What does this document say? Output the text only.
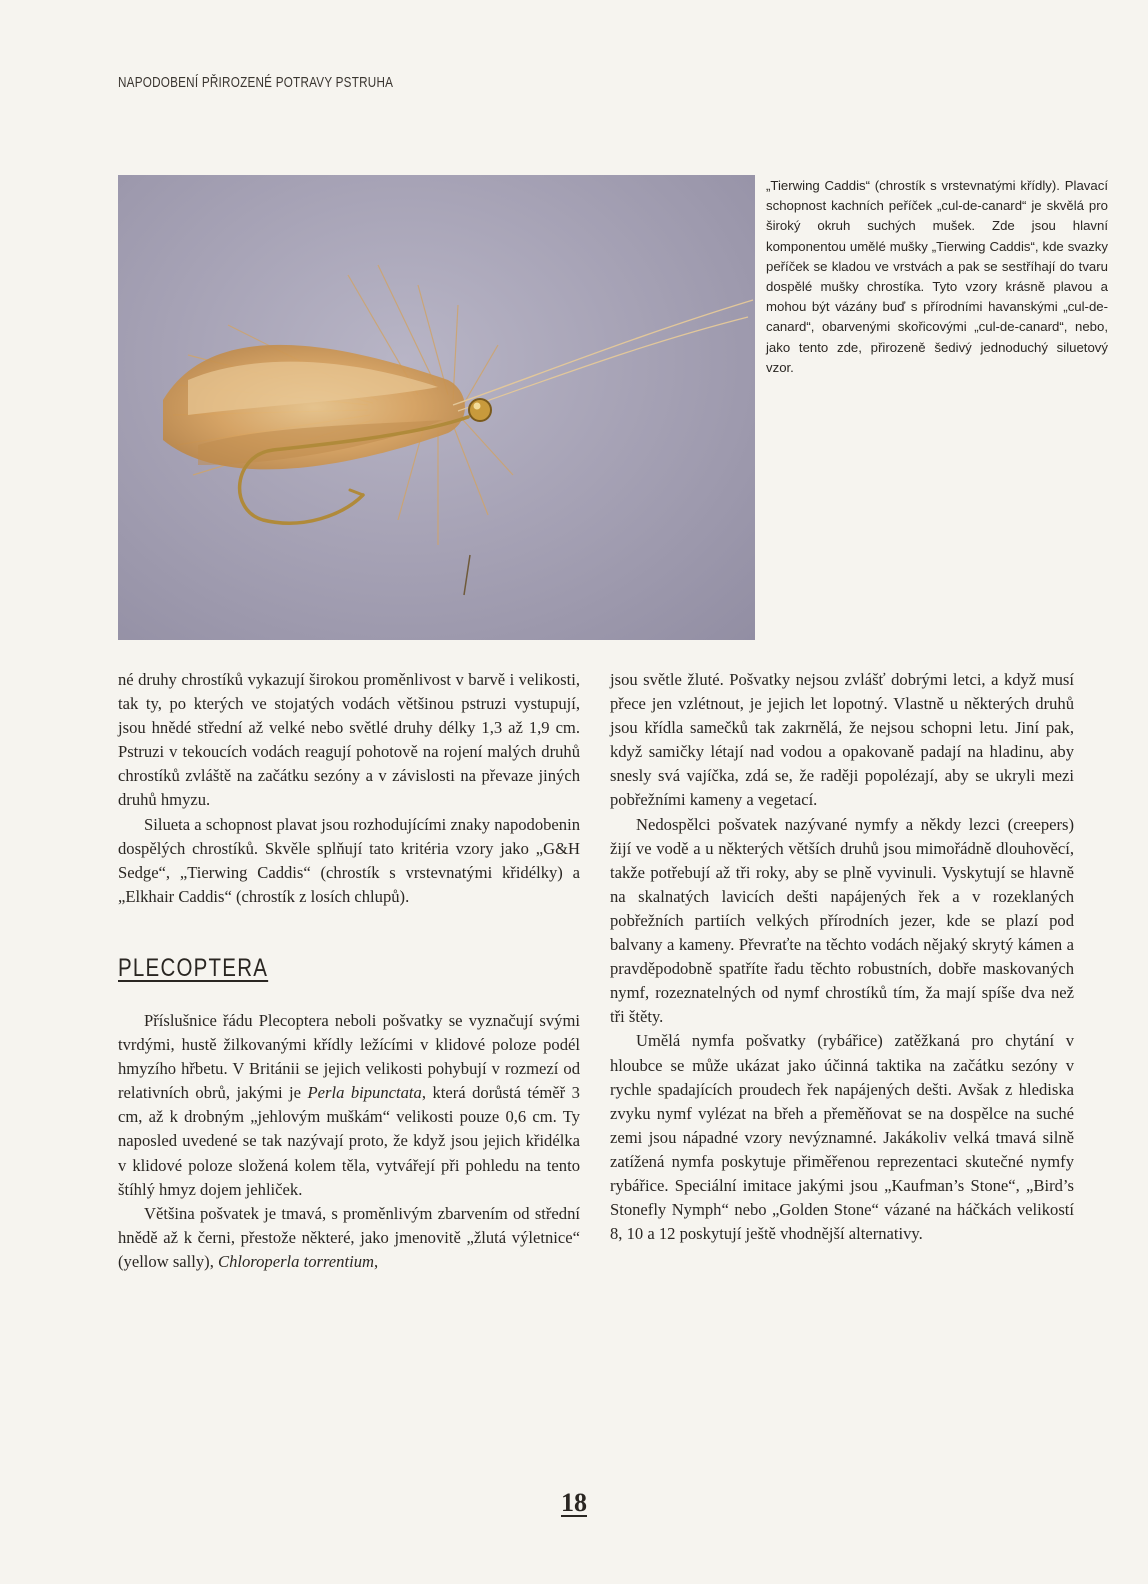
NAPODOBENÍ PŘIROZENÉ POTRAVY PSTRUHA
„Tierwing Caddis“ (chrostík s vrstevnatými křídly). Plavací schopnost kachních peříček „cul-de-canard“ je skvělá pro široký okruh suchých mušek. Zde jsou hlavní komponentou umělé mušky „Tierwing Caddis“, kde svazky peříček se kladou ve vrstvách a pak se sestříhají do tvaru dospělé mušky chrostíka. Tyto vzory krásně plavou a mohou být vázány buď s přírodními havanskými „cul-de-canard“, obarvenými skořicovými „cul-de-canard“, nebo, jako tento zde, přirozeně šedivý jednoduchý siluetový vzor.

né druhy chrostíků vykazují širokou proměnlivost v barvě i velikosti, tak ty, po kterých ve stojatých vodách většinou pstruzi vystupují, jsou hnědé střední až velké nebo světlé druhy délky 1,3 až 1,9 cm. Pstruzi v tekoucích vodách reagují pohotově na rojení malých druhů chrostíků zvláště na začátku sezóny a v závislosti na převaze jiných druhů hmyzu.

Silueta a schopnost plavat jsou rozhodujícími znaky napodobenin dospělých chrostíků. Skvěle splňují tato kritéria vzory jako „G&H Sedge“, „Tierwing Caddis“ (chrostík s vrstevnatými křidélky) a „Elkhair Caddis“ (chrostík z losích chlupů).

PLECOPTERA

Příslušnice řádu Plecoptera neboli pošvatky se vyznačují svými tvrdými, hustě žilkovanými křídly ležícími v klidové poloze podél hmyzího hřbetu. V Británii se jejich velikosti pohybují v rozmezí od relativních obrů, jakými je Perla bipunctata, která dorůstá téměř 3 cm, až k drobným „jehlovým muškám“ velikosti pouze 0,6 cm. Ty naposled uvedené se tak nazývají proto, že když jsou jejich křidélka v klidové poloze složená kolem těla, vytvářejí při pohledu na tento štíhlý hmyz dojem jehliček.

Většina pošvatek je tmavá, s proměnlivým zbarvením od střední hnědě až k černi, přestože některé, jako jmenovitě „žlutá výletnice“ (yellow sally), Chloroperla torrentium,

jsou světle žluté. Pošvatky nejsou zvlášť dobrými letci, a když musí přece jen vzlétnout, je jejich let lopotný. Vlastně u některých druhů jsou křídla samečků tak zakrnělá, že nejsou schopni letu. Jiní pak, když samičky létají nad vodou a opakovaně padají na hladinu, aby snesly svá vajíčka, zdá se, že raději popolézají, aby se ukryli mezi pobřežními kameny a vegetací.

Nedospělci pošvatek nazývané nymfy a někdy lezci (creepers) žijí ve vodě a u některých větších druhů jsou mimořádně dlouhověcí, takže potřebují až tři roky, aby se plně vyvinuli. Vyskytují se hlavně na skalnatých lavicích dešti napájených řek a v rozeklaných pobřežních partiích velkých přírodních jezer, kde se plazí pod balvany a kameny. Převraťte na těchto vodách nějaký skrytý kámen a pravděpodobně spatříte řadu těchto robustních, dobře maskovaných nymf, rozeznatelných od nymf chrostíků tím, ža mají spíše dva než tři štěty.

Umělá nymfa pošvatky (rybářice) zatěžkaná pro chytání v hloubce se může ukázat jako účinná taktika na začátku sezóny v rychle spadajících proudech řek napájených dešti. Avšak z hlediska zvyku nymf vylézat na břeh a přeměňovat se na dospělce na suché zemi jsou nápadné vzory nevýznamné. Jakákoliv velká tmavá silně zatížená nymfa poskytuje přiměřenou reprezentaci skutečné nymfy rybářice. Speciální imitace jakými jsou „Kaufman’s Stone“, „Bird’s Stonefly Nymph“ nebo „Golden Stone“ vázané na háčkách velikostí 8, 10 a 12 poskytují ještě vhodnější alternativy.

18
